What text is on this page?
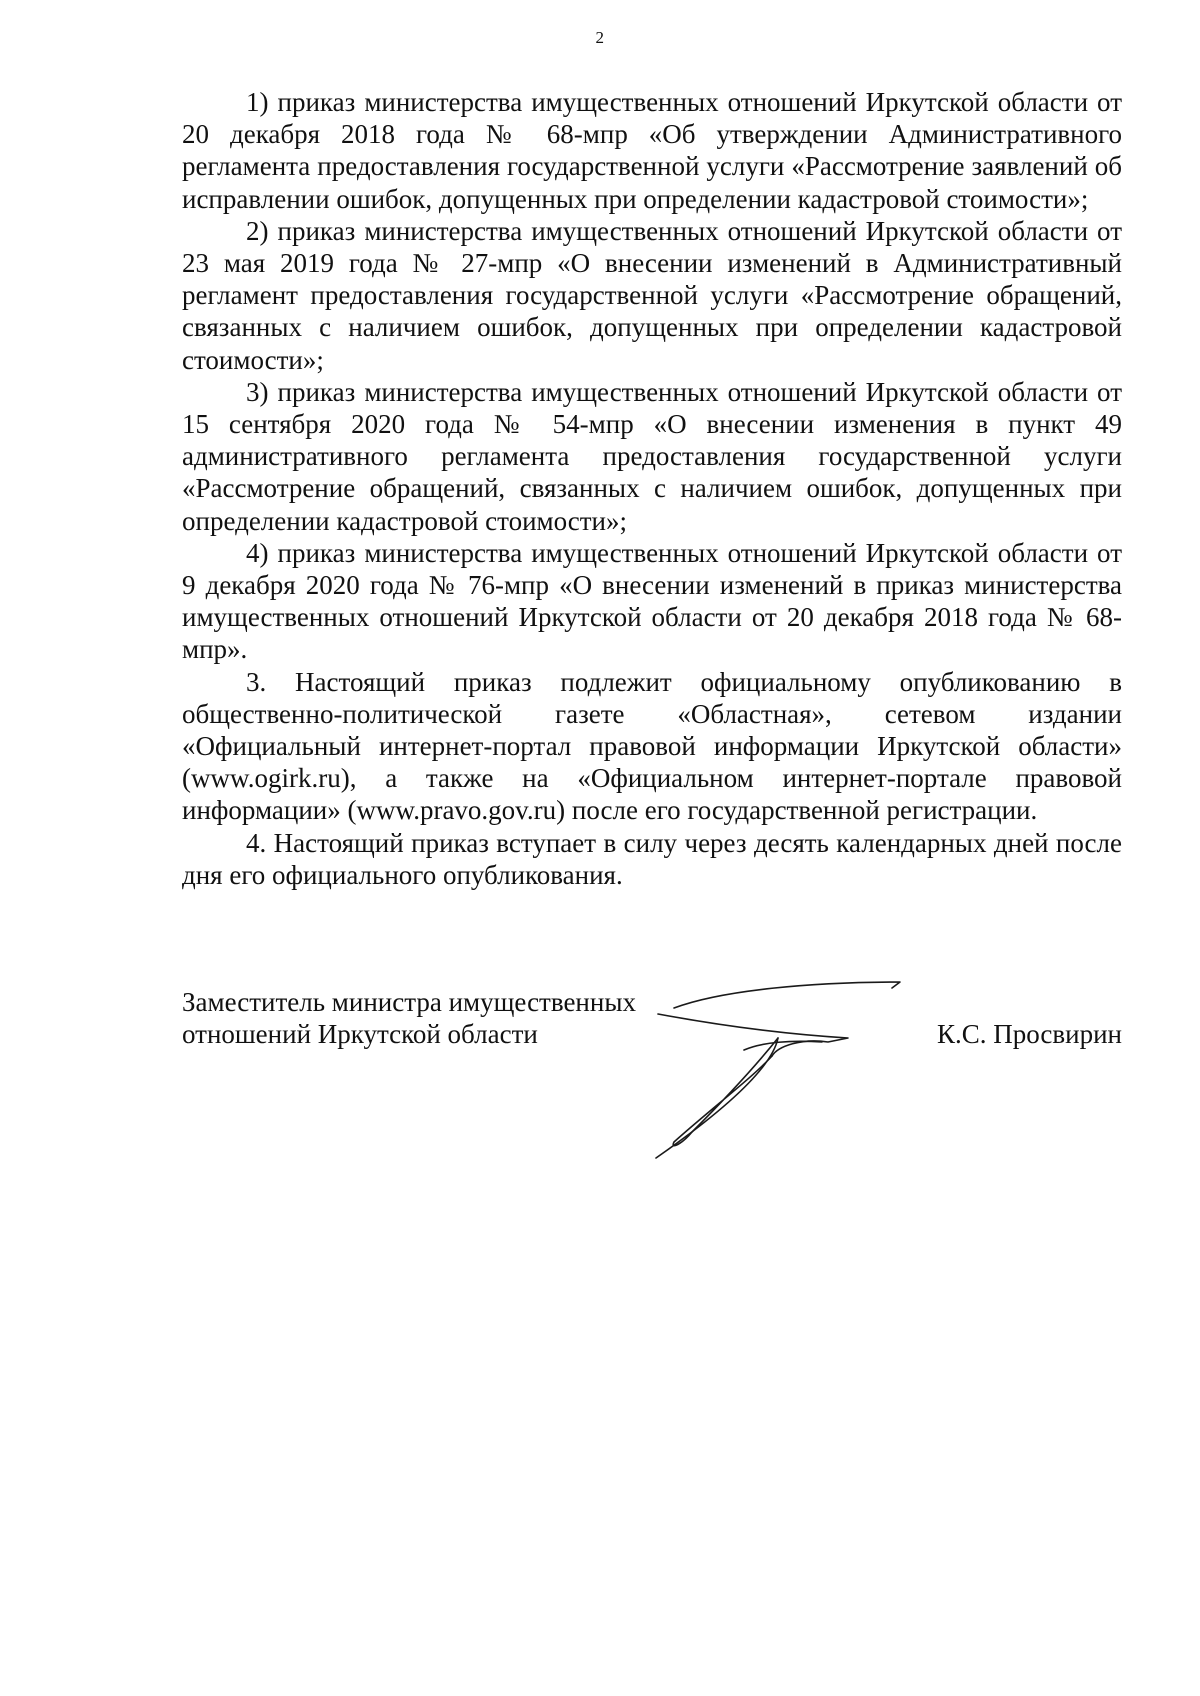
2

1) приказ министерства имущественных отношений Иркутской области от 20 декабря 2018 года № 68-мпр «Об утверждении Административного регламента предоставления государственной услуги «Рассмотрение заявлений об исправлении ошибок, допущенных при определении кадастровой стоимости»;

2) приказ министерства имущественных отношений Иркутской области от 23 мая 2019 года № 27-мпр «О внесении изменений в Административный регламент предоставления государственной услуги «Рассмотрение обращений, связанных с наличием ошибок, допущенных при определении кадастровой стоимости»;

3) приказ министерства имущественных отношений Иркутской области от 15 сентября 2020 года № 54-мпр «О внесении изменения в пункт 49 административного регламента предоставления государственной услуги «Рассмотрение обращений, связанных с наличием ошибок, допущенных при определении кадастровой стоимости»;

4) приказ министерства имущественных отношений Иркутской области от 9 декабря 2020 года № 76-мпр «О внесении изменений в приказ министерства имущественных отношений Иркутской области от 20 декабря 2018 года № 68-мпр».

3. Настоящий приказ подлежит официальному опубликованию в общественно-политической газете «Областная», сетевом издании «Официальный интернет-портал правовой информации Иркутской области» (www.ogirk.ru), а также на «Официальном интернет-портале правовой информации» (www.pravo.gov.ru) после его государственной регистрации.

4. Настоящий приказ вступает в силу через десять календарных дней после дня его официального опубликования.

Заместитель министра имущественных
отношений Иркутской области	К.С. Просвирин
